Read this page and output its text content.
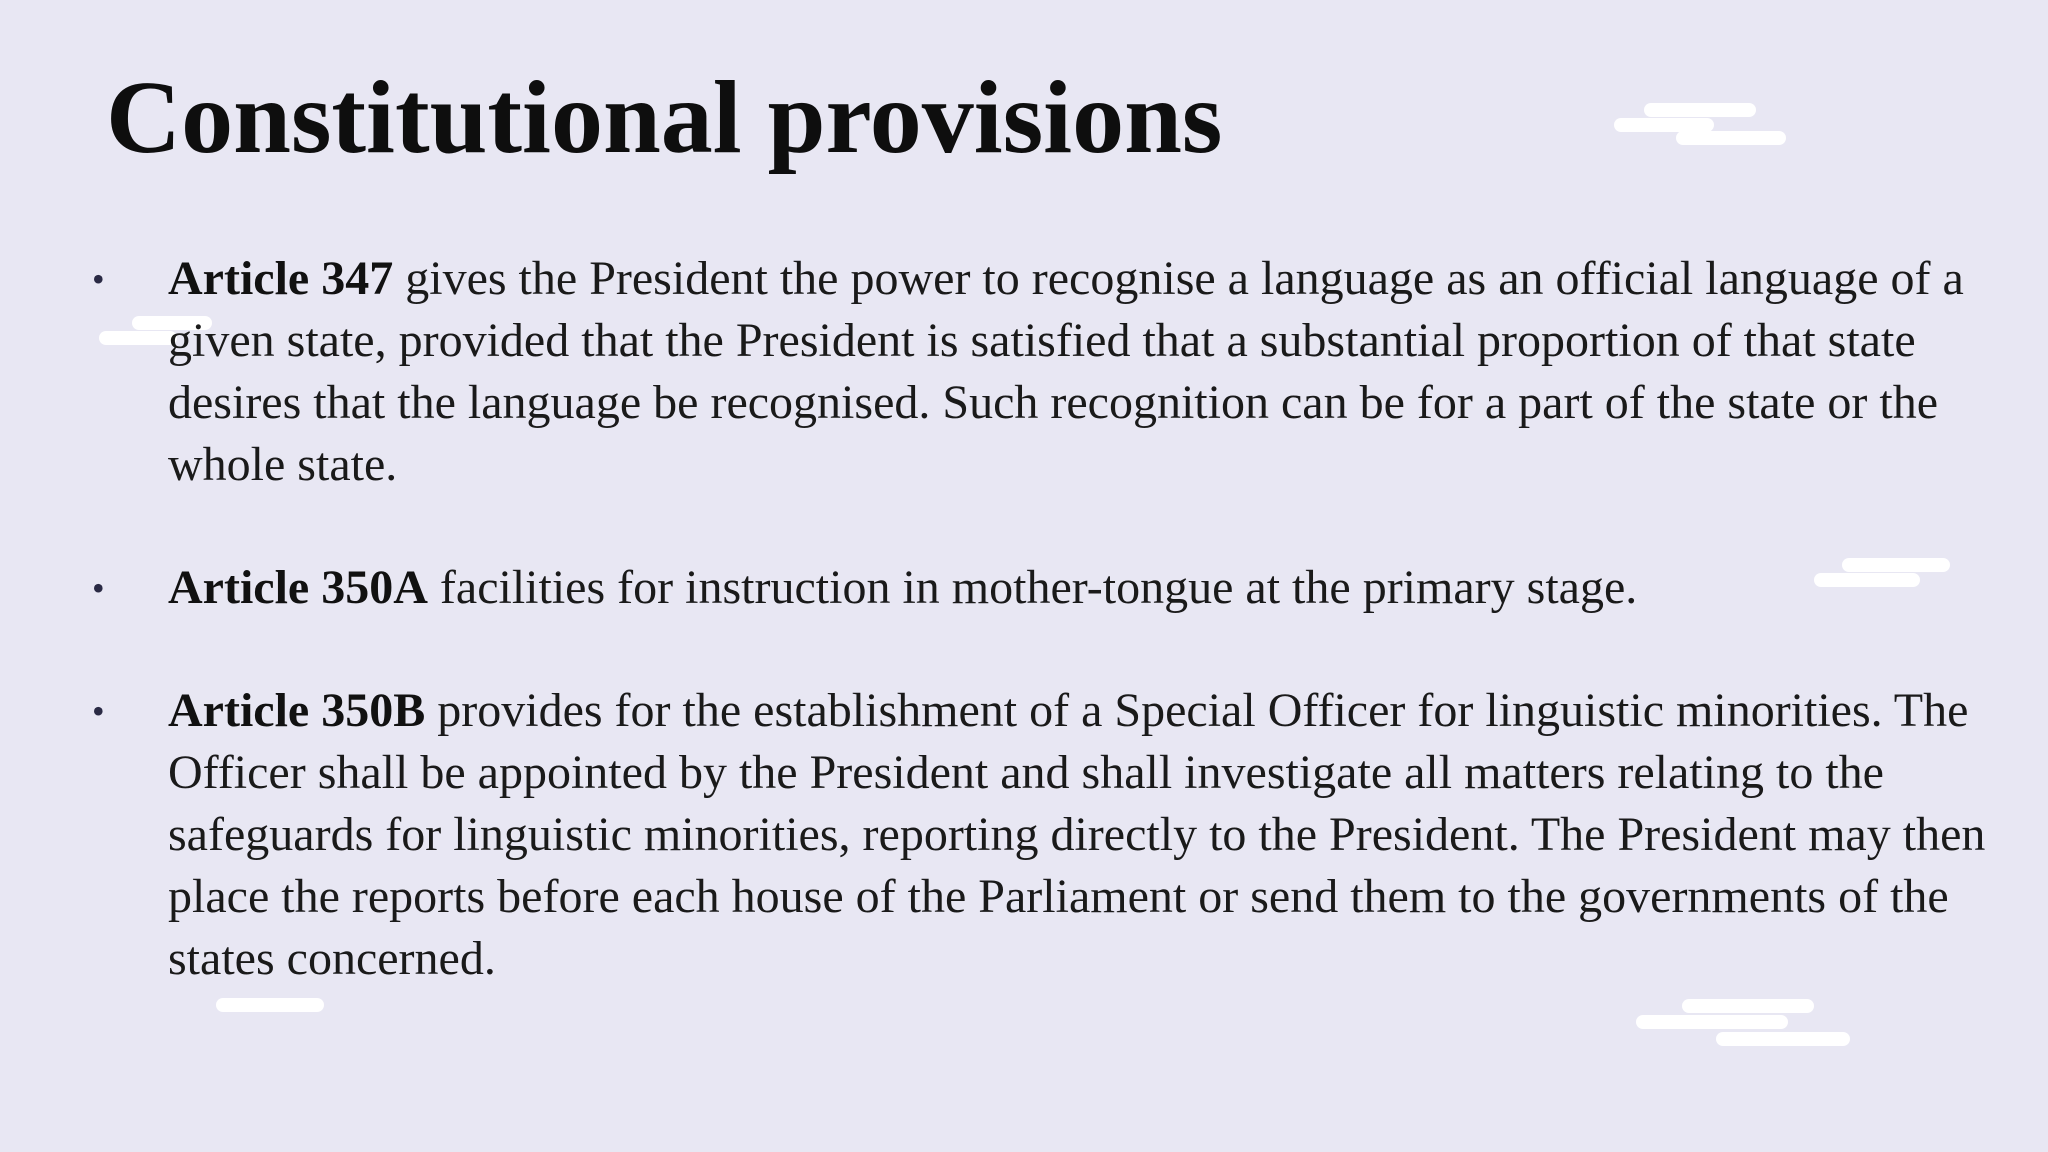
Constitutional provisions
• Article 347 gives the President the power to recognise a language as an official language of a given state, provided that the President is satisfied that a substantial proportion of that state desires that the language be recognised. Such recognition can be for a part of the state or the whole state.
• Article 350A facilities for instruction in mother-tongue at the primary stage.
• Article 350B provides for the establishment of a Special Officer for linguistic minorities. The Officer shall be appointed by the President and shall investigate all matters relating to the safeguards for linguistic minorities, reporting directly to the President. The President may then place the reports before each house of the Parliament or send them to the governments of the states concerned.
